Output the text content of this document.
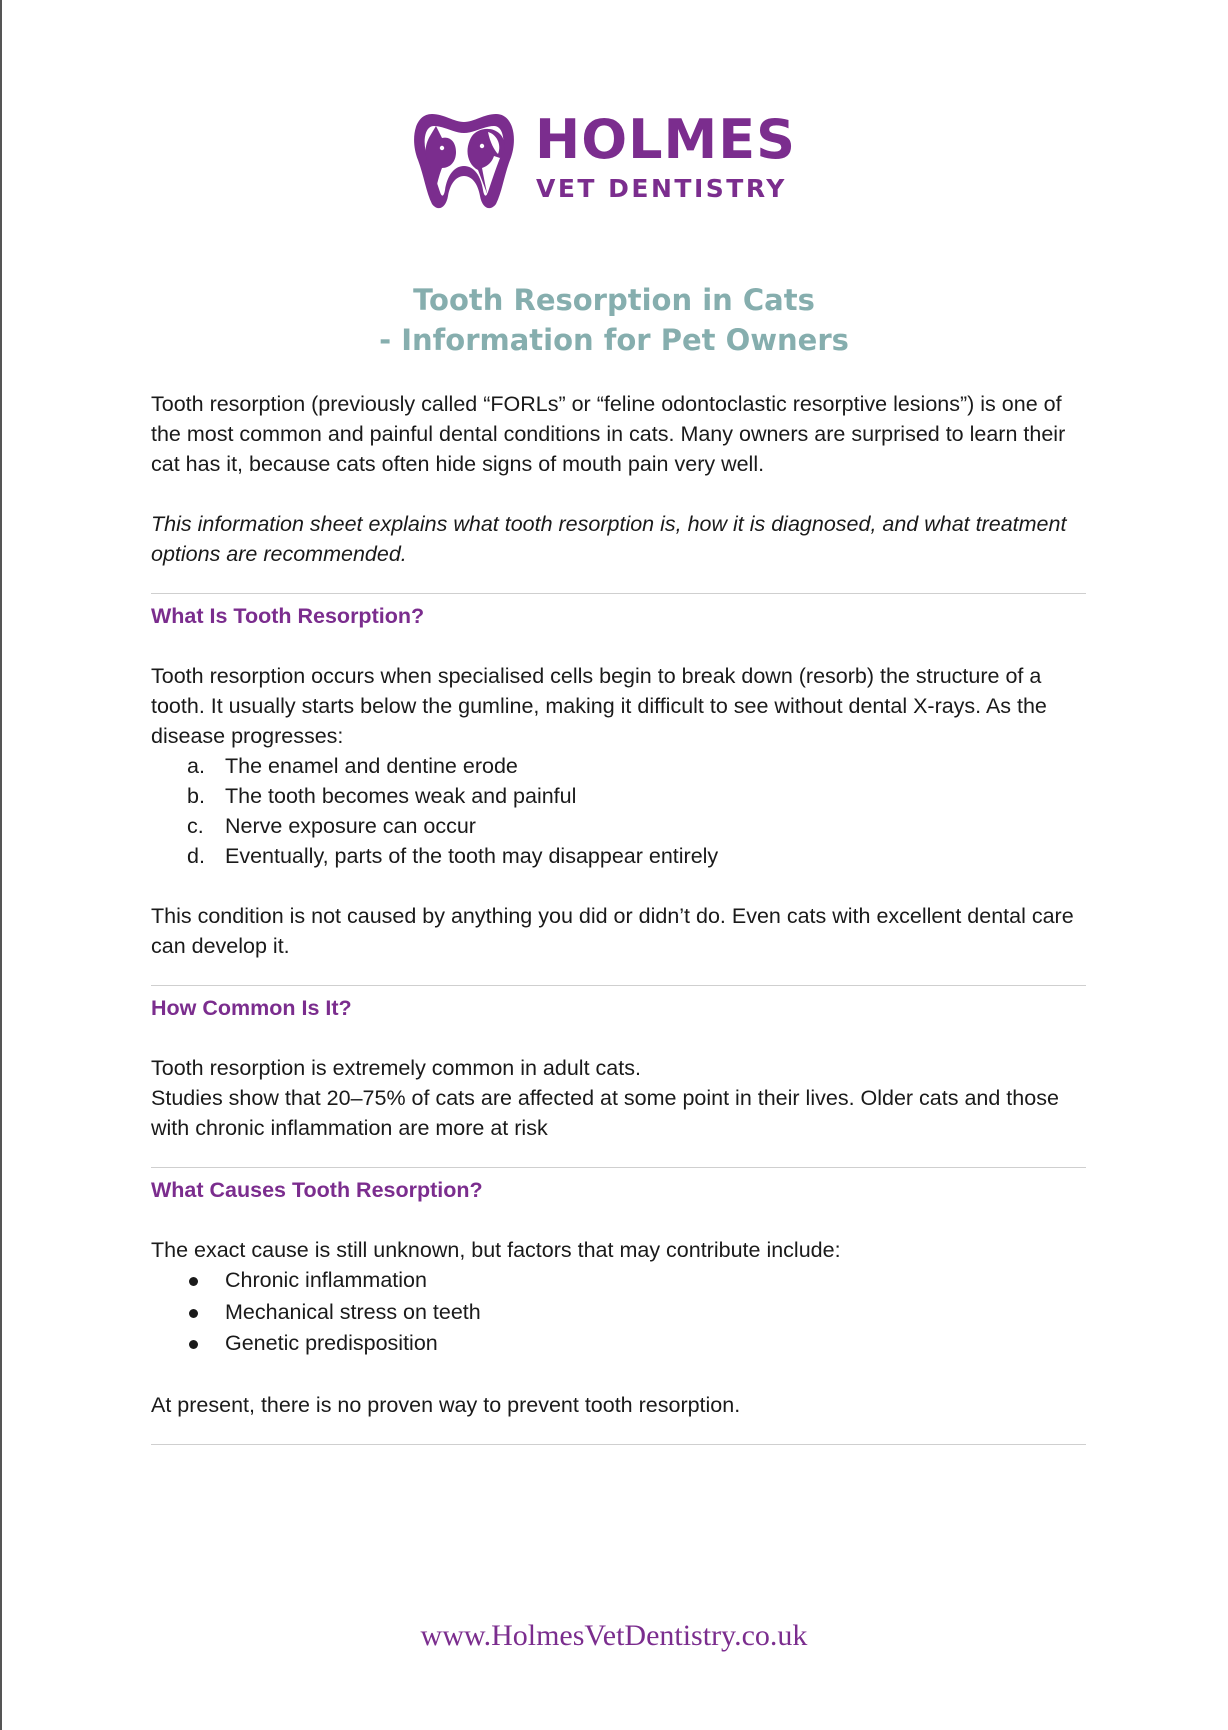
HOLMES
VET DENTISTRY
Tooth Resorption in Cats
- Information for Pet Owners

Tooth resorption (previously called “FORLs” or “feline odontoclastic resorptive lesions”) is one of the most common and painful dental conditions in cats. Many owners are surprised to learn their cat has it, because cats often hide signs of mouth pain very well.

This information sheet explains what tooth resorption is, how it is diagnosed, and what treatment options are recommended.

What Is Tooth Resorption?

Tooth resorption occurs when specialised cells begin to break down (resorb) the structure of a tooth. It usually starts below the gumline, making it difficult to see without dental X-rays. As the disease progresses:

a. The enamel and dentine erode
b. The tooth becomes weak and painful
c. Nerve exposure can occur
d. Eventually, parts of the tooth may disappear entirely

This condition is not caused by anything you did or didn’t do. Even cats with excellent dental care can develop it.

How Common Is It?

Tooth resorption is extremely common in adult cats.

Studies show that 20–75% of cats are affected at some point in their lives. Older cats and those with chronic inflammation are more at risk

What Causes Tooth Resorption?

The exact cause is still unknown, but factors that may contribute include:

Chronic inflammation
Mechanical stress on teeth
Genetic predisposition

At present, there is no proven way to prevent tooth resorption.

www.HolmesVetDentistry.co.uk
